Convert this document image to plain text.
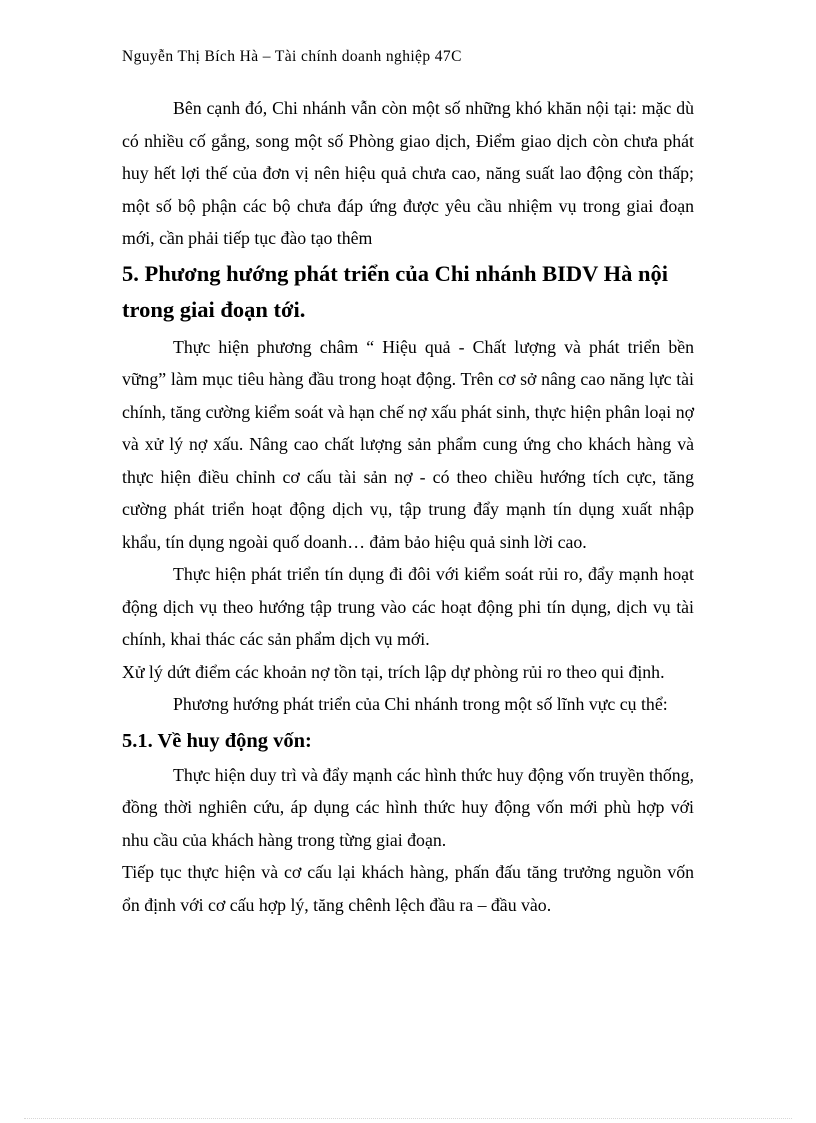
Nguyễn Thị Bích Hà – Tài chính doanh nghiệp 47C

Bên cạnh đó, Chi nhánh vẫn còn một số những khó khăn nội tại: mặc dù có nhiều cố gắng, song một số Phòng giao dịch, Điểm giao dịch còn chưa phát huy hết lợi thế của đơn vị nên hiệu quả chưa cao, năng suất lao động còn thấp; một số bộ phận các bộ chưa đáp ứng được yêu cầu nhiệm vụ trong giai đoạn mới, cần phải tiếp tục đào tạo thêm

5. Phương hướng phát triển của Chi nhánh BIDV Hà nội trong giai đoạn tới.

Thực hiện phương châm “ Hiệu quả - Chất lượng và phát triển bền vững” làm mục tiêu hàng đầu trong hoạt động. Trên cơ sở nâng cao năng lực tài chính, tăng cường kiểm soát và hạn chế nợ xấu phát sinh, thực hiện phân loại nợ và xử lý nợ xấu. Nâng cao chất lượng sản phẩm cung ứng cho khách hàng và thực hiện điều chỉnh cơ cấu tài sản nợ - có theo chiều hướng tích cực, tăng cường phát triển hoạt động dịch vụ, tập trung đẩy mạnh tín dụng xuất nhập khẩu, tín dụng ngoài quố doanh… đảm bảo hiệu quả sinh lời cao.

Thực hiện phát triển tín dụng đi đôi với kiểm soát rủi ro, đẩy mạnh hoạt động dịch vụ theo hướng tập trung vào các hoạt động phi tín dụng, dịch vụ tài chính, khai thác các sản phẩm dịch vụ mới.

Xử lý dứt điểm các khoản nợ tồn tại, trích lập dự phòng rủi ro theo qui định.

Phương hướng phát triển của Chi nhánh trong một số lĩnh vực cụ thể:

5.1. Về huy động vốn:

Thực hiện duy trì và đẩy mạnh các hình thức huy động vốn truyền thống, đồng thời nghiên cứu, áp dụng các hình thức huy động vốn mới phù hợp với nhu cầu của khách hàng trong từng giai đoạn.

Tiếp tục thực hiện và cơ cấu lại khách hàng, phấn đấu tăng trưởng nguồn vốn ổn định với cơ cấu hợp lý, tăng chênh lệch đầu ra – đầu vào.
